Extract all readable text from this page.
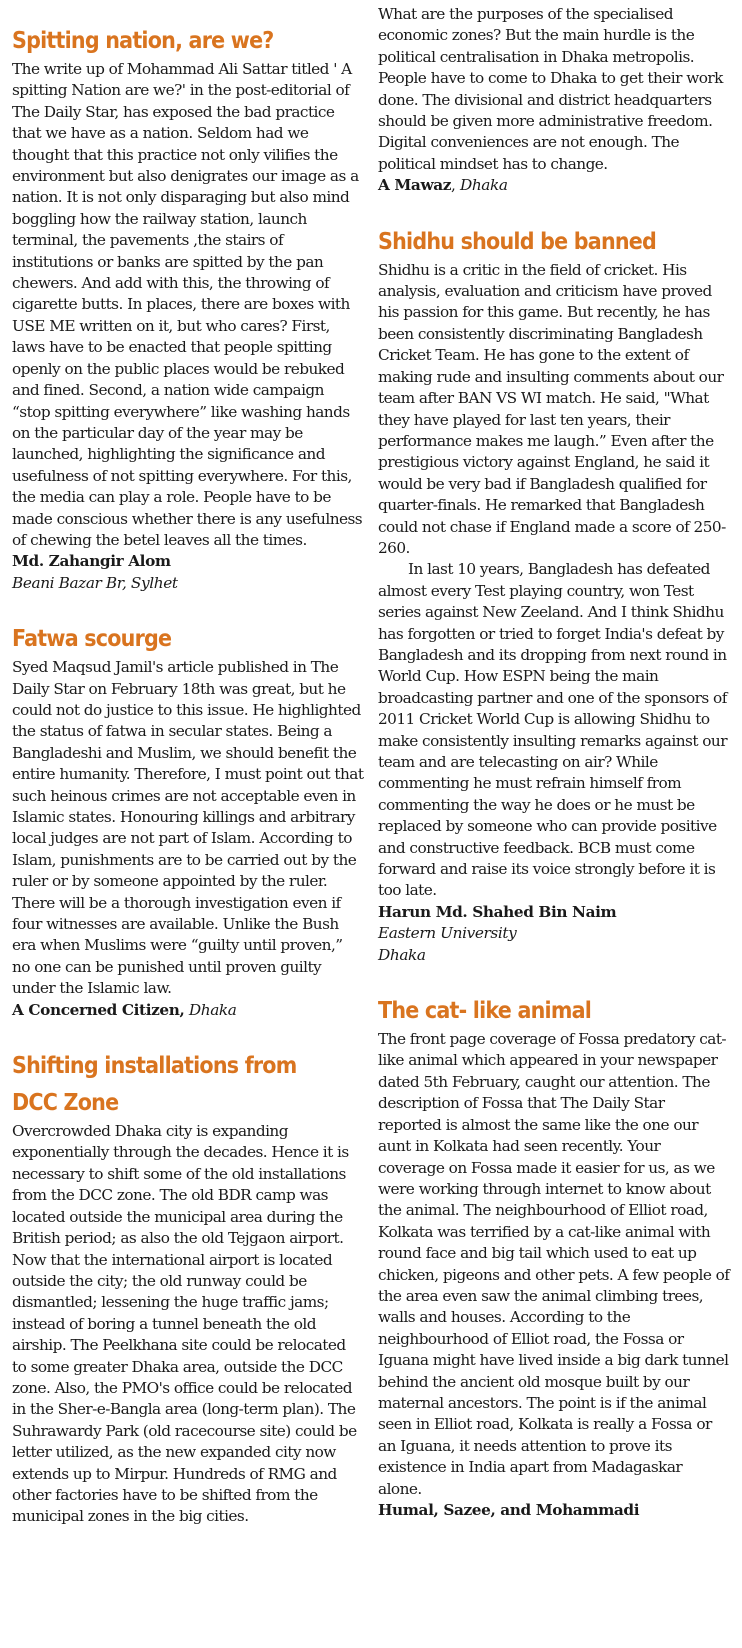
Spitting nation, are we?

The write up of Mohammad Ali Sattar titled ' A spitting Nation are we?' in the post-editorial of The Daily Star, has exposed the bad practice that we have as a nation. Seldom had we thought that this practice not only vilifies the environment but also denigrates our image as a nation. It is not only disparaging but also mind boggling how the railway station, launch terminal, the pavements ,the stairs of institutions or banks are spitted by the pan chewers. And add with this, the throwing of cigarette butts. In places, there are boxes with USE ME written on it, but who cares? First, laws have to be enacted that people spitting openly on the public places would be rebuked and fined. Second, a nation wide campaign “stop spitting everywhere” like washing hands on the particular day of the year may be launched, highlighting the significance and usefulness of not spitting everywhere. For this, the media can play a role. People have to be made conscious whether there is any usefulness of chewing the betel leaves all the times.

Md. Zahangir Alom
Beani Bazar Br, Sylhet
Fatwa scourge

Syed Maqsud Jamil's article published in The Daily Star on February 18th was great, but he could not do justice to this issue. He highlighted the status of fatwa in secular states. Being a Bangladeshi and Muslim, we should benefit the entire humanity. Therefore, I must point out that such heinous crimes are not acceptable even in Islamic states. Honouring killings and arbitrary local judges are not part of Islam. According to Islam, punishments are to be carried out by the ruler or by someone appointed by the ruler. There will be a thorough investigation even if four witnesses are available. Unlike the Bush era when Muslims were “guilty until proven,” no one can be punished until proven guilty under the Islamic law.

A Concerned Citizen, Dhaka
Shifting installations from
DCC Zone

Overcrowded Dhaka city is expanding exponentially through the decades. Hence it is necessary to shift some of the old installations from the DCC zone. The old BDR camp was located outside the municipal area during the British period; as also the old Tejgaon airport. Now that the international airport is located outside the city; the old runway could be dismantled; lessening the huge traffic jams; instead of boring a tunnel beneath the old airship. The Peelkhana site could be relocated to some greater Dhaka area, outside the DCC zone. Also, the PMO's office could be relocated in the Sher-e-Bangla area (long-term plan). The Suhrawardy Park (old racecourse site) could be letter utilized, as the new expanded city now extends up to Mirpur. Hundreds of RMG and other factories have to be shifted from the municipal zones in the big cities.

What are the purposes of the specialised economic zones? But the main hurdle is the political centralisation in Dhaka metropolis. People have to come to Dhaka to get their work done. The divisional and district headquarters should be given more administrative freedom. Digital conveniences are not enough. The political mindset has to change.

A Mawaz, Dhaka
Shidhu should be banned

Shidhu is a critic in the field of cricket. His analysis, evaluation and criticism have proved his passion for this game. But recently, he has been consistently discriminating Bangladesh Cricket Team. He has gone to the extent of making rude and insulting comments about our team after BAN VS WI match. He said, "What they have played for last ten years, their performance makes me laugh.” Even after the prestigious victory against England, he said it would be very bad if Bangladesh qualified for quarter-finals. He remarked that Bangladesh could not chase if England made a score of 250-260.

In last 10 years, Bangladesh has defeated almost every Test playing country, won Test series against New Zeeland. And I think Shidhu has forgotten or tried to forget India's defeat by Bangladesh and its dropping from next round in World Cup. How ESPN being the main broadcasting partner and one of the sponsors of 2011 Cricket World Cup is allowing Shidhu to make consistently insulting remarks against our team and are telecasting on air? While commenting he must refrain himself from commenting the way he does or he must be replaced by someone who can provide positive and constructive feedback. BCB must come forward and raise its voice strongly before it is too late.

Harun Md. Shahed Bin Naim
Eastern University
Dhaka
The cat- like animal

The front page coverage of Fossa predatory cat-like animal which appeared in your newspaper dated 5th February, caught our attention. The description of Fossa that The Daily Star reported is almost the same like the one our aunt in Kolkata had seen recently. Your coverage on Fossa made it easier for us, as we were working through internet to know about the animal. The neighbourhood of Elliot road, Kolkata was terrified by a cat-like animal with round face and big tail which used to eat up chicken, pigeons and other pets. A few people of the area even saw the animal climbing trees, walls and houses. According to the neighbourhood of Elliot road, the Fossa or Iguana might have lived inside a big dark tunnel behind the ancient old mosque built by our maternal ancestors. The point is if the animal seen in Elliot road, Kolkata is really a Fossa or an Iguana, it needs attention to prove its existence in India apart from Madagaskar alone.

Humal, Sazee, and Mohammadi
